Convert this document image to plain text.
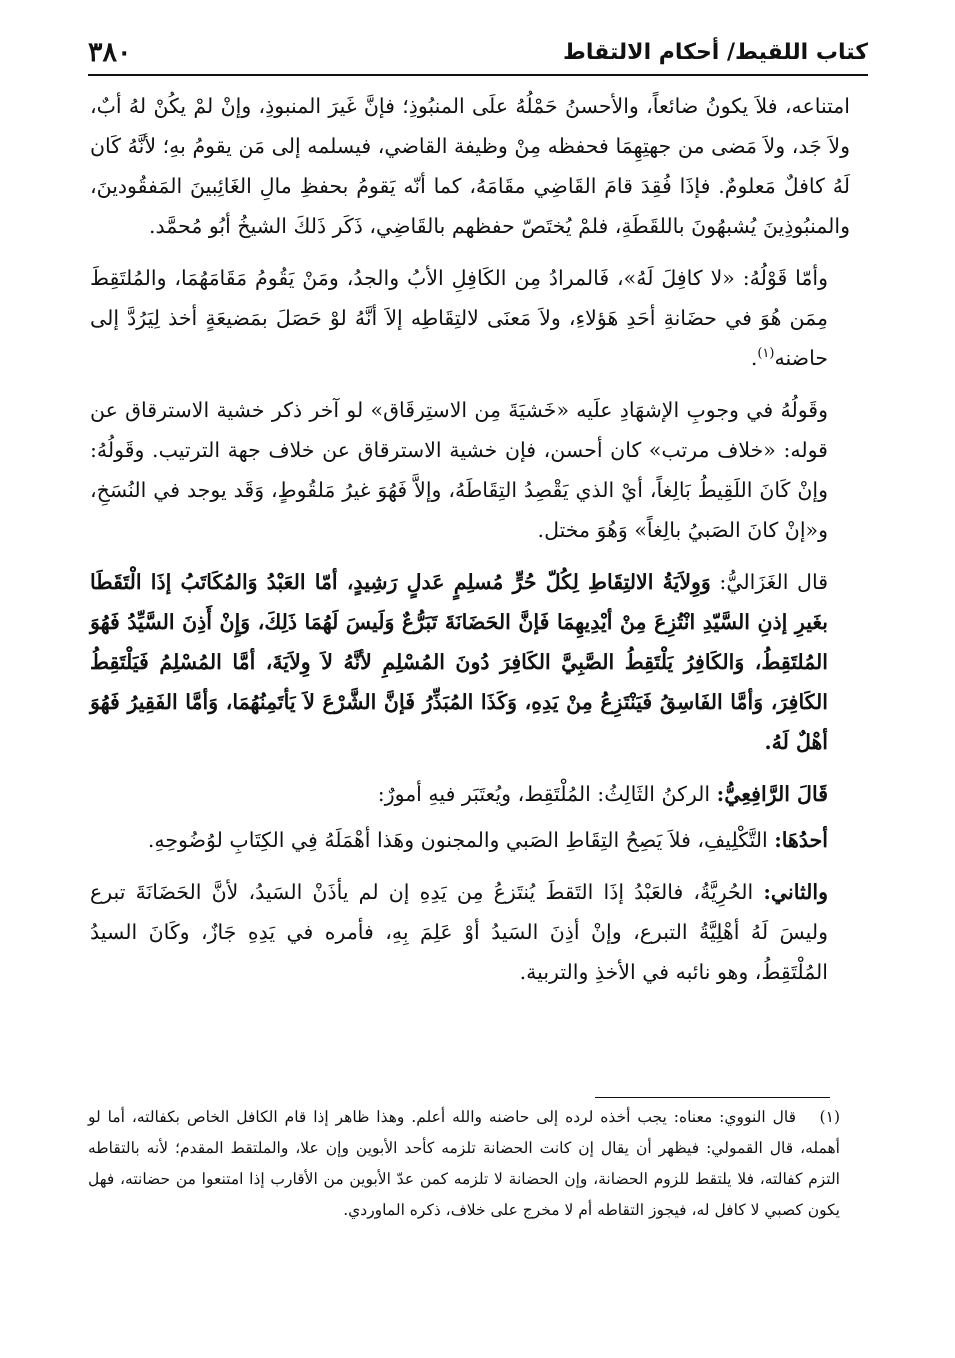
كتاب اللقيط/ أحكام الالتقاط
٣٨٠

امتناعه، فلاَ يكونُ ضائعاً، والأحسنُ حَمْلُهُ علَى المنبُوذِ؛ فإنَّ غَيرَ المنبوذِ، وإنْ لمْ يكُنْ لهُ أبٌ، ولاَ جَد، ولاَ مَضى من جهتِهِمَا فحفظه مِنْ وظيفة القاضي، فيسلمه إلى مَن يقومُ بهِ؛ لأنَّهُ كَان لَهُ كافلٌ مَعلومٌ. فإذَا فُقِدَ قامَ القَاضِي مقَامَهُ، كما أنّه يَقومُ بحفظِ مالِ الغَائِبينَ المَفقُودينَ، والمنبُوذِينَ يُشبهُونَ باللقَطَةِ، فلمْ يُختَصّ حفظهم بالقَاضِي، ذَكَر ذَلكَ الشيخُ أبُو مُحمَّد.

وأمّا قَوْلُهُ: «لا كافِلَ لَهُ»، فَالمرادُ مِن الكَافِلِ الأبُ والجدُ، ومَنْ يَقُومُ مَقَامَهُمَا، والمُلتَقِطَ مِمَن هُوَ في حضَانةِ أحَدِ هَؤلاءِ، ولاَ مَعنَى لالتِقَاطِه إلاَ أنَّهُ لوْ حَصَلَ بمَضيعَةٍ أخذ لِيَرُدَّ إلى حاضنه$^{(١)}$.

وقَولُهُ في وجوبِ الإشهَادِ علَيه «خَشيَةَ مِن الاستِرقَاق» لو آخر ذكر خشية الاسترقاق عن قوله: «خلاف مرتب» كان أحسن، فإن خشية الاسترقاق عن خلاف جهة الترتيب. وقَولُهُ: وإنْ كَانَ اللَقِيطُ بَالِغاً، أيْ الذي يَقْصِدُ التِقَاطَهُ، وإلاَّ فَهُوَ غيرُ مَلقُوطٍ، وَقَد يوجد في النُسَخِ، و«إنْ كانَ الصَبيُ بالِغاً» وَهُوَ مختل.

قال الغَزَاليُّ: وَوِلاَيَةُ الالتِقَاطِ لِكُلّ حُرٍّ مُسلِمٍ عَدلٍ رَشِيدٍ، أمّا العَبْدُ وَالمُكَاتَبُ إذَا الْتَقَطَا بغَيرِ إذنِ السَّيّدِ انْتُزِعَ مِنْ أيْدِيهِمَا فَإنَّ الحَضَانَةَ تَبَرُّعٌ وَلَيسَ لَهُمَا ذَلِكَ، وَإِنْ أَذِنَ السَّيِّدُ فَهُوَ المُلتَقِطُ، وَالكَافِرُ يَلْتَقِطُ الصَّبِيَّ الكَافِرَ دُونَ المُسْلِمِ لأنَّهُ لاَ وِلاَيَةَ، أمَّا المُسْلِمُ فَيَلْتَقِطُ الكَافِرَ، وَأمَّا الفَاسِقُ فَيَنْتَزِعُ مِنْ يَدِهِ، وَكَذَا المُبَذِّرُ فَإنَّ الشَّرْعَ لاَ يَأتَمِنُهُمَا، وَأمَّا الفَقِيرُ فَهُوَ أهْلٌ لَهُ.

قَالَ الرَّافِعِيُّ: الركنُ الثَالِثُ: المُلْتَقِط، ويُعتَبَر فيهِ أمورٌ:

أحدُهَا: التَّكْلِيفِ، فلاَ يَصِحُ التِقَاطِ الصَبي والمجنون وهَذا أهْمَلَهُ فِي الكِتَابِ لوُضُوحِهِ.

والثاني: الحُرِيَّةُ، فالعَبْدُ إذَا التَقطَ يُنتَزعُ مِن يَدِهِ إن لم يأذَنْ السَيدُ، لأنَّ الحَضَانَةَ تبرع وليسَ لَهُ أهْلِيَّةُ التبرع، وإنْ أذِنَ السَيدُ أوْ عَلِمَ بِهِ، فأمره في يَدِهِ جَازٌ، وكَانَ السيدُ المُلْتَقِطُ، وهو نائبه في الأخذِ والتربية.

(١)قال النووي: معناه: يجب أخذه لرده إلى حاضنه والله أعلم. وهذا ظاهر إذا قام الكافل الخاص بكفالته، أما لو أهمله، قال القمولي: فيظهر أن يقال إن كانت الحضانة تلزمه كأحد الأبوين وإن علا، والملتقط المقدم؛ لأنه بالتقاطه التزم كفالته، فلا يلتقط للزوم الحضانة، وإن الحضانة لا تلزمه كمن عدّ الأبوين من الأقارب إذا امتنعوا من حضانته، فهل يكون كصبي لا كافل له، فيجوز التقاطه أم لا مخرج على خلاف، ذكره الماوردي.
